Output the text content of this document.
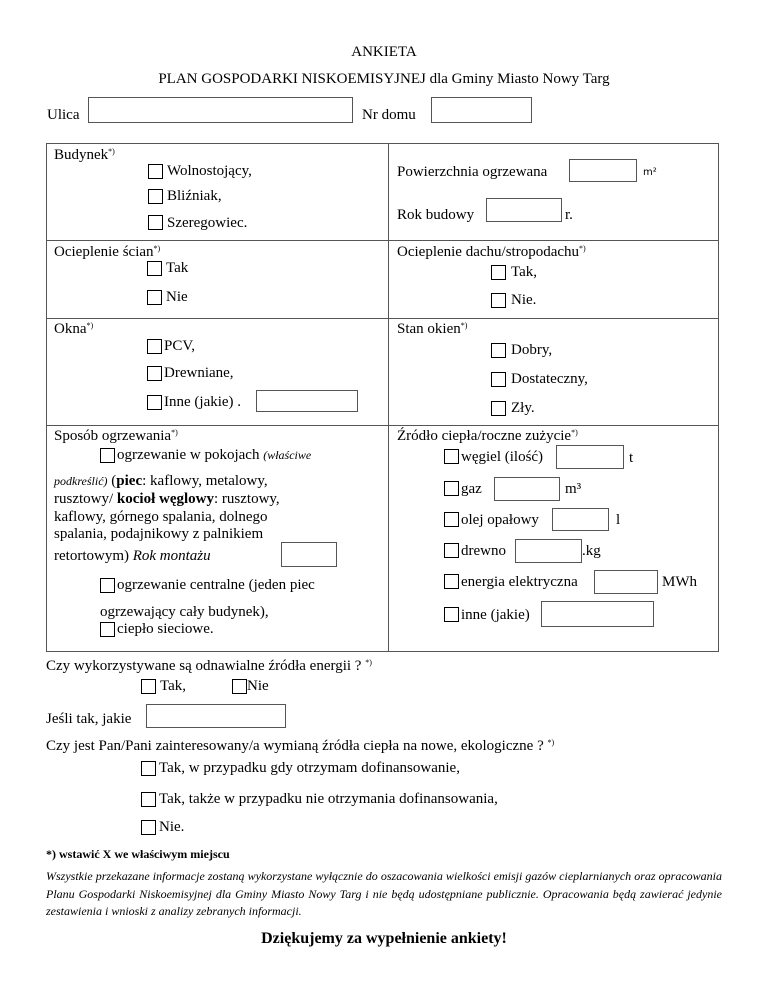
ANKIETA
PLAN GOSPODARKI NISKOEMISYJNEJ dla Gminy Miasto Nowy Targ
Ulica	Nr domu
Budynek*)
Wolnostojący,
Bliźniak,
Szeregowiec.
Powierzchnia ogrzewana	m²
Rok budowy	r.
Ocieplenie ścian*)
Tak
Nie
Ocieplenie dachu/stropodachu*)
Tak,
Nie.
Okna*)
PCV,
Drewniane,
Inne (jakie) .
Stan okien*)
Dobry,
Dostateczny,
Zły.
Sposób ogrzewania*)
ogrzewanie w pokojach (właściwe
podkreślić) (piec: kaflowy, metalowy,
rusztowy/ kocioł węglowy: rusztowy,
kaflowy, górnego spalania, dolnego
spalania, podajnikowy z palnikiem
retortowym) Rok montażu
ogrzewanie centralne (jeden piec
ogrzewający cały budynek),
ciepło sieciowe.
Źródło ciepła/roczne zużycie*)
węgiel (ilość)	t
gaz	m³
olej opałowy	l
drewno	.kg
energia elektryczna	MWh
inne (jakie)
Czy wykorzystywane są odnawialne źródła energii ? *)
Tak,	Nie
Jeśli tak, jakie
Czy jest Pan/Pani zainteresowany/a wymianą źródła ciepła na nowe, ekologiczne ? *)
Tak, w przypadku gdy otrzymam dofinansowanie,
Tak, także w przypadku nie otrzymania dofinansowania,
Nie.
*) wstawić X we właściwym miejscu
Wszystkie przekazane informacje zostaną wykorzystane wyłącznie do oszacowania wielkości emisji gazów cieplarnianych oraz opracowania Planu Gospodarki Niskoemisyjnej dla Gminy Miasto Nowy Targ i nie będą udostępniane publicznie. Opracowania będą zawierać jedynie zestawienia i wnioski z analizy zebranych informacji.
Dziękujemy za wypełnienie ankiety!
